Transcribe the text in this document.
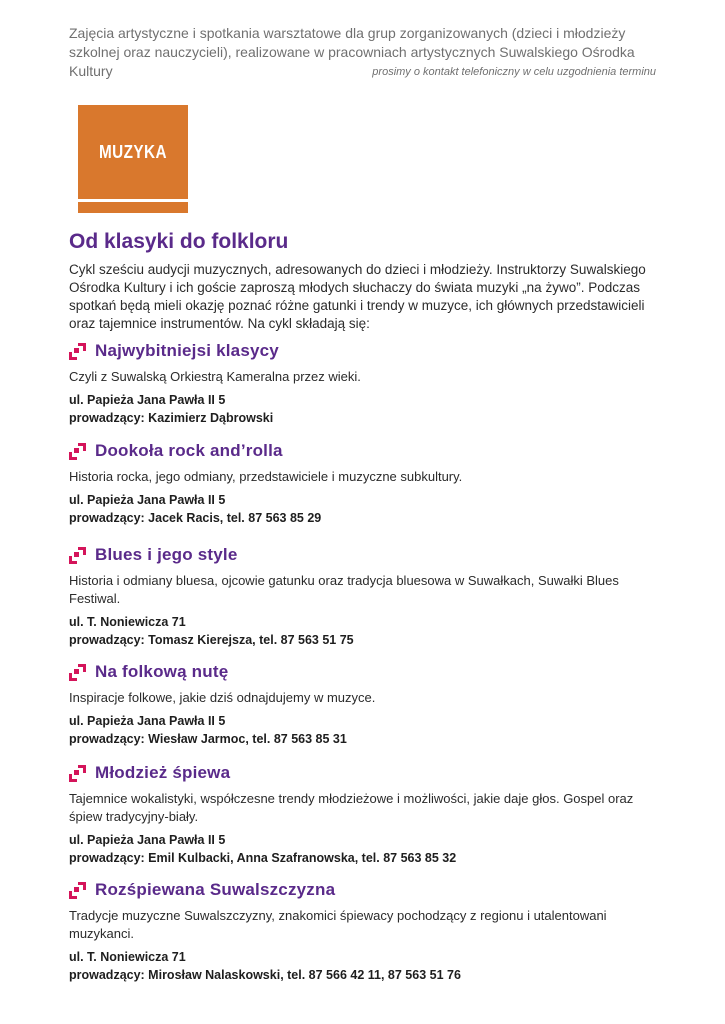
Zajęcia artystyczne i spotkania warsztatowe dla grup zorganizowanych (dzieci i młodzieży szkolnej oraz nauczycieli), realizowane w pracowniach artystycznych Suwalskiego Ośrodka Kultury	prosimy o kontakt telefoniczny w celu uzgodnienia terminu
MUZYKA
Od klasyki do folkloru
Cykl sześciu audycji muzycznych, adresowanych do dzieci i młodzieży. Instruktorzy Suwalskiego Ośrodka Kultury i ich goście zaproszą młodych słuchaczy do świata muzyki „na żywo”. Podczas spotkań będą mieli okazję poznać różne gatunki i trendy w muzyce, ich głównych przedstawicieli oraz tajemnice instrumentów. Na cykl składają się:
Najwybitniejsi klasycy
Czyli z Suwalską Orkiestrą Kameralna przez wieki.
ul. Papieża Jana Pawła II 5
prowadzący: Kazimierz Dąbrowski
Dookoła rock and’rolla
Historia rocka, jego odmiany, przedstawiciele i muzyczne subkultury.
ul. Papieża Jana Pawła II 5
prowadzący: Jacek Racis, tel. 87 563 85 29
Blues i jego style
Historia i odmiany bluesa, ojcowie gatunku oraz tradycja bluesowa w Suwałkach, Suwałki Blues Festiwal.
ul. T. Noniewicza 71
prowadzący: Tomasz Kierejsza, tel. 87 563 51 75
Na folkową nutę
Inspiracje folkowe, jakie dziś odnajdujemy w muzyce.
ul. Papieża Jana Pawła II 5
prowadzący: Wiesław Jarmoc, tel. 87 563 85 31
Młodzież śpiewa
Tajemnice wokalistyki, współczesne trendy młodzieżowe i możliwości, jakie daje głos. Gospel oraz śpiew tradycyjny-biały.
ul. Papieża Jana Pawła II 5
prowadzący: Emil Kulbacki, Anna Szafranowska, tel. 87 563 85 32
Rozśpiewana Suwalszczyzna
Tradycje muzyczne Suwalszczyzny, znakomici śpiewacy pochodzący z regionu i utalentowani muzykanci.
ul. T. Noniewicza 71
prowadzący: Mirosław Nalaskowski, tel. 87 566 42 11, 87 563 51 76
